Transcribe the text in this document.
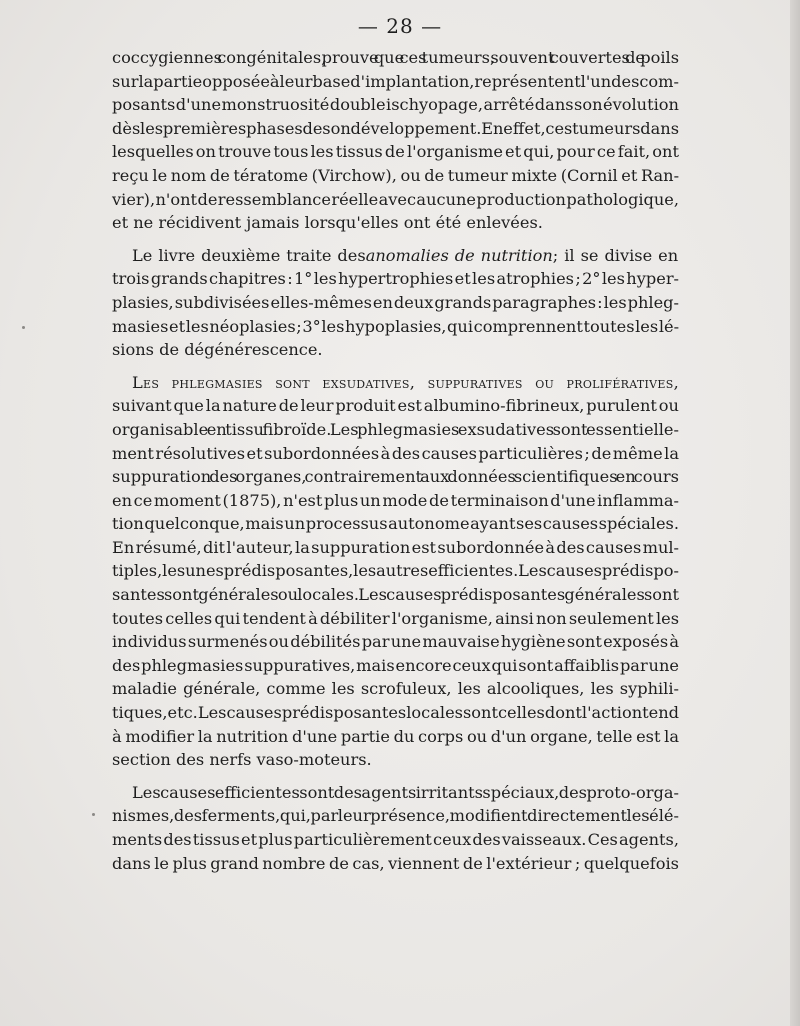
— 28 —
coccygiennes congénitales, prouve que ces tumeurs, souvent couvertes de poils
sur la partie opposée à leur base d'implantation, représentent l'un des com-
posants d'une monstruosité double ischyopage, arrêté dans son évolution
dès les premières phases de son développement. En effet, ces tumeurs dans
lesquelles on trouve tous les tissus de l'organisme et qui, pour ce fait, ont
reçu le nom de tératome (Virchow), ou de tumeur mixte (Cornil et Ran-
vier), n'ont de ressemblance réelle avec aucune production pathologique,
et ne récidivent jamais lorsqu'elles ont été enlevées.
Le livre deuxième traite desanomalies de nutrition; il se divise en
trois grands chapitres : 1° les hypertrophies et les atrophies ; 2° les hyper-
plasies, subdivisées elles-mêmes en deux grands paragraphes : les phleg-
masies et les néoplasies ; 3° les hypoplasies, qui comprennent toutes les lé-
sions de dégénérescence.
Les phlegmasies sont exsudatives, suppuratives ou prolifératives,
suivant que la nature de leur produit est albumino-fibrineux, purulent ou
organisable en tissu fibroïde. Les phlegmasies exsudatives sont essentielle-
ment résolutives et subordonnées à des causes particulières ; de même la
suppuration des organes, contrairement aux données scientifiques en cours
en ce moment (1875), n'est plus un mode de terminaison d'une inflamma-
tion quelconque, mais un processus autonome ayant ses causes spéciales.
En résumé, dit l'auteur, la suppuration est subordonnée à des causes mul-
tiples, les unes prédisposantes, les autres efficientes. Les causes prédispo-
santes sont générales ou locales. Les causes prédisposantes générales sont
toutes celles qui tendent à débiliter l'organisme, ainsi non seulement les
individus surmenés ou débilités par une mauvaise hygiène sont exposés à
des phlegmasies suppuratives, mais encore ceux qui sont affaiblis par une
maladie générale, comme les scrofuleux, les alcooliques, les syphili-
tiques, etc. Les causes prédisposantes locales sont celles dont l'action tend
à modifier la nutrition d'une partie du corps ou d'un organe, telle est la
section des nerfs vaso-moteurs.
Les causes efficientes sont des agents irritants spéciaux, des proto-orga-
nismes, des ferments, qui, par leur présence, modifient directement les élé-
ments des tissus et plus particulièrement ceux des vaisseaux. Ces agents,
dans le plus grand nombre de cas, viennent de l'extérieur ; quelquefois
